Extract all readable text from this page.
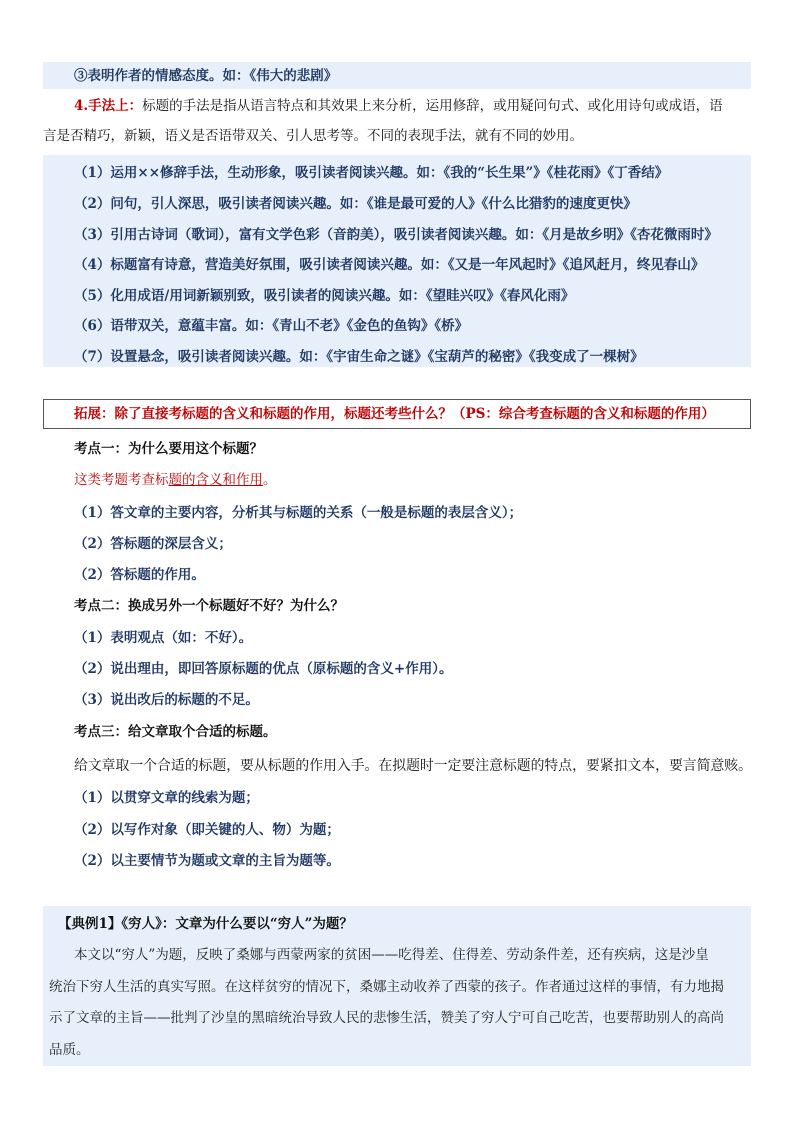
③表明作者的情感态度。如：《伟大的悲剧》
4.手法上：标题的手法是指从语言特点和其效果上来分析，运用修辞，或用疑问句式、或化用诗句或成语，语
言是否精巧，新颖，语义是否语带双关、引人思考等。不同的表现手法，就有不同的妙用。
（1）运用××修辞手法，生动形象，吸引读者阅读兴趣。如：《我的“长生果”》《桂花雨》《丁香结》
（2）问句，引人深思，吸引读者阅读兴趣。如：《谁是最可爱的人》《什么比猎豹的速度更快》
（3）引用古诗词（歌词），富有文学色彩（音韵美），吸引读者阅读兴趣。如：《月是故乡明》《杏花微雨时》
（4）标题富有诗意，营造美好氛围，吸引读者阅读兴趣。如：《又是一年风起时》《追风赶月，终见春山》
（5）化用成语/用词新颖别致，吸引读者的阅读兴趣。如：《望眭兴叹》《春风化雨》
（6）语带双关，意蕴丰富。如：《青山不老》《金色的鱼钩》《桥》
（7）设置悬念，吸引读者阅读兴趣。如：《宇宙生命之谜》《宝葫芦的秘密》《我变成了一棵树》
拓展：除了直接考标题的含义和标题的作用，标题还考些什么？（PS：综合考查标题的含义和标题的作用）
考点一：为什么要用这个标题？
这类考题考查标题的含义和作用。
（1）答文章的主要内容，分析其与标题的关系（一般是标题的表层含义）；
（2）答标题的深层含义；
（2）答标题的作用。
考点二：换成另外一个标题好不好？为什么？
（1）表明观点（如：不好）。
（2）说出理由，即回答原标题的优点（原标题的含义+作用）。
（3）说出改后的标题的不足。
考点三：给文章取个合适的标题。
给文章取一个合适的标题，要从标题的作用入手。在拟题时一定要注意标题的特点，要紧扣文本，要言简意赅。
（1）以贯穿文章的线索为题；
（2）以写作对象（即关键的人、物）为题；
（2）以主要情节为题或文章的主旨为题等。
【典例1】《穷人》：文章为什么要以“穷人”为题？
本文以“穷人”为题，反映了桑娜与西蒙两家的贫困——吃得差、住得差、劳动条件差，还有疾病，这是沙皇
统治下穷人生活的真实写照。在这样贫穷的情况下，桑娜主动收养了西蒙的孩子。作者通过这样的事情，有力地揭
示了文章的主旨——批判了沙皇的黑暗统治导致人民的悲惨生活，赞美了穷人宁可自己吃苦，也要帮助别人的高尚
品质。
